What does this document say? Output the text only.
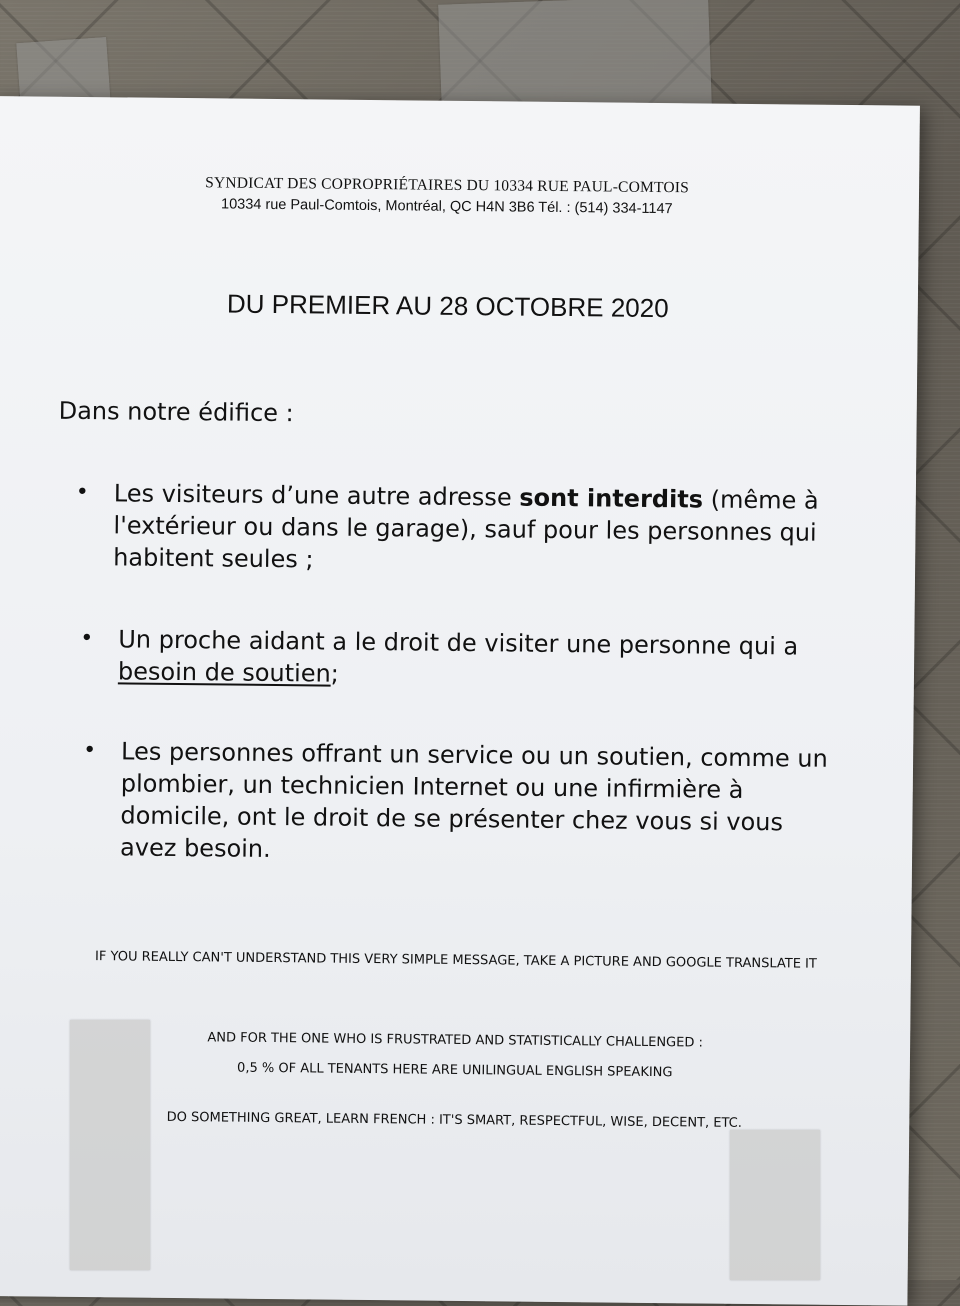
SYNDICAT DES COPROPRIÉTAIRES DU 10334 RUE PAUL-COMTOIS
10334 rue Paul-Comtois, Montréal, QC H4N 3B6 Tél. : (514) 334-1147
DU PREMIER AU 28 OCTOBRE 2020
Dans notre édifice :
•	Les visiteurs d’une autre adresse sont interdits (même à l'extérieur ou dans le garage), sauf pour les personnes qui habitent seules ;
•	Un proche aidant a le droit de visiter une personne qui a besoin de soutien;
•	Les personnes offrant un service ou un soutien, comme un plombier, un technicien Internet ou une infirmière à domicile, ont le droit de se présenter chez vous si vous avez besoin.
IF YOU REALLY CAN'T UNDERSTAND THIS VERY SIMPLE MESSAGE, TAKE A PICTURE AND GOOGLE TRANSLATE IT
AND FOR THE ONE WHO IS FRUSTRATED AND STATISTICALLY CHALLENGED :
0,5 % OF ALL TENANTS HERE ARE UNILINGUAL ENGLISH SPEAKING
DO SOMETHING GREAT, LEARN FRENCH : IT'S SMART, RESPECTFUL, WISE, DECENT, ETC.
